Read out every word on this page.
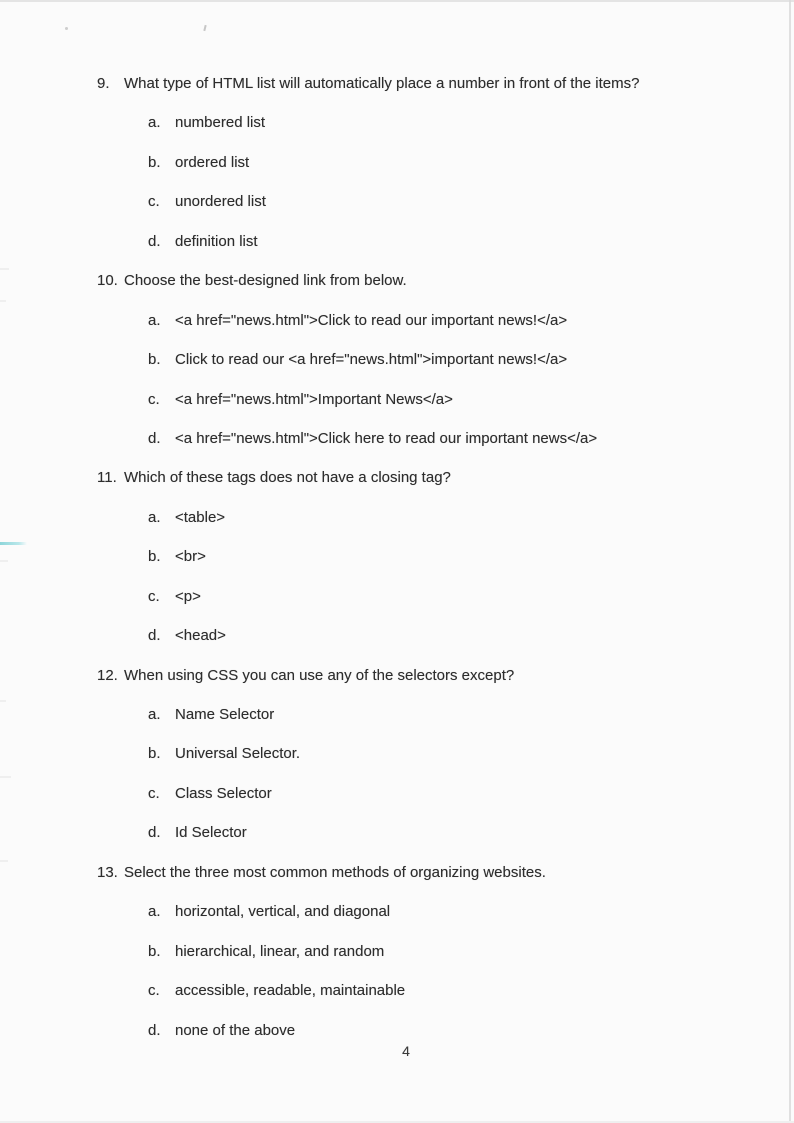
9. What type of HTML list will automatically place a number in front of the items?
a. numbered list
b. ordered list
c.	unordered list
d. definition list
10. Choose the best-designed link from below.
a. <a href="news.html">Click to read our important news!</a>
b. Click to read our <a href="news.html">important news!</a>
c.	<a href="news.html">Important News</a>
d. <a href="news.html">Click here to read our important news</a>
11. Which of these tags does not have a closing tag?
a. <table>
b. <br>
c.	<p>
d. <head>
12. When using CSS you can use any of the selectors except?
a. Name Selector
b. Universal Selector.
c.	Class Selector
d. Id Selector
13. Select the three most common methods of organizing websites.
a. horizontal, vertical, and diagonal
b. hierarchical, linear, and random
c.	accessible, readable, maintainable
d. none of the above
4
